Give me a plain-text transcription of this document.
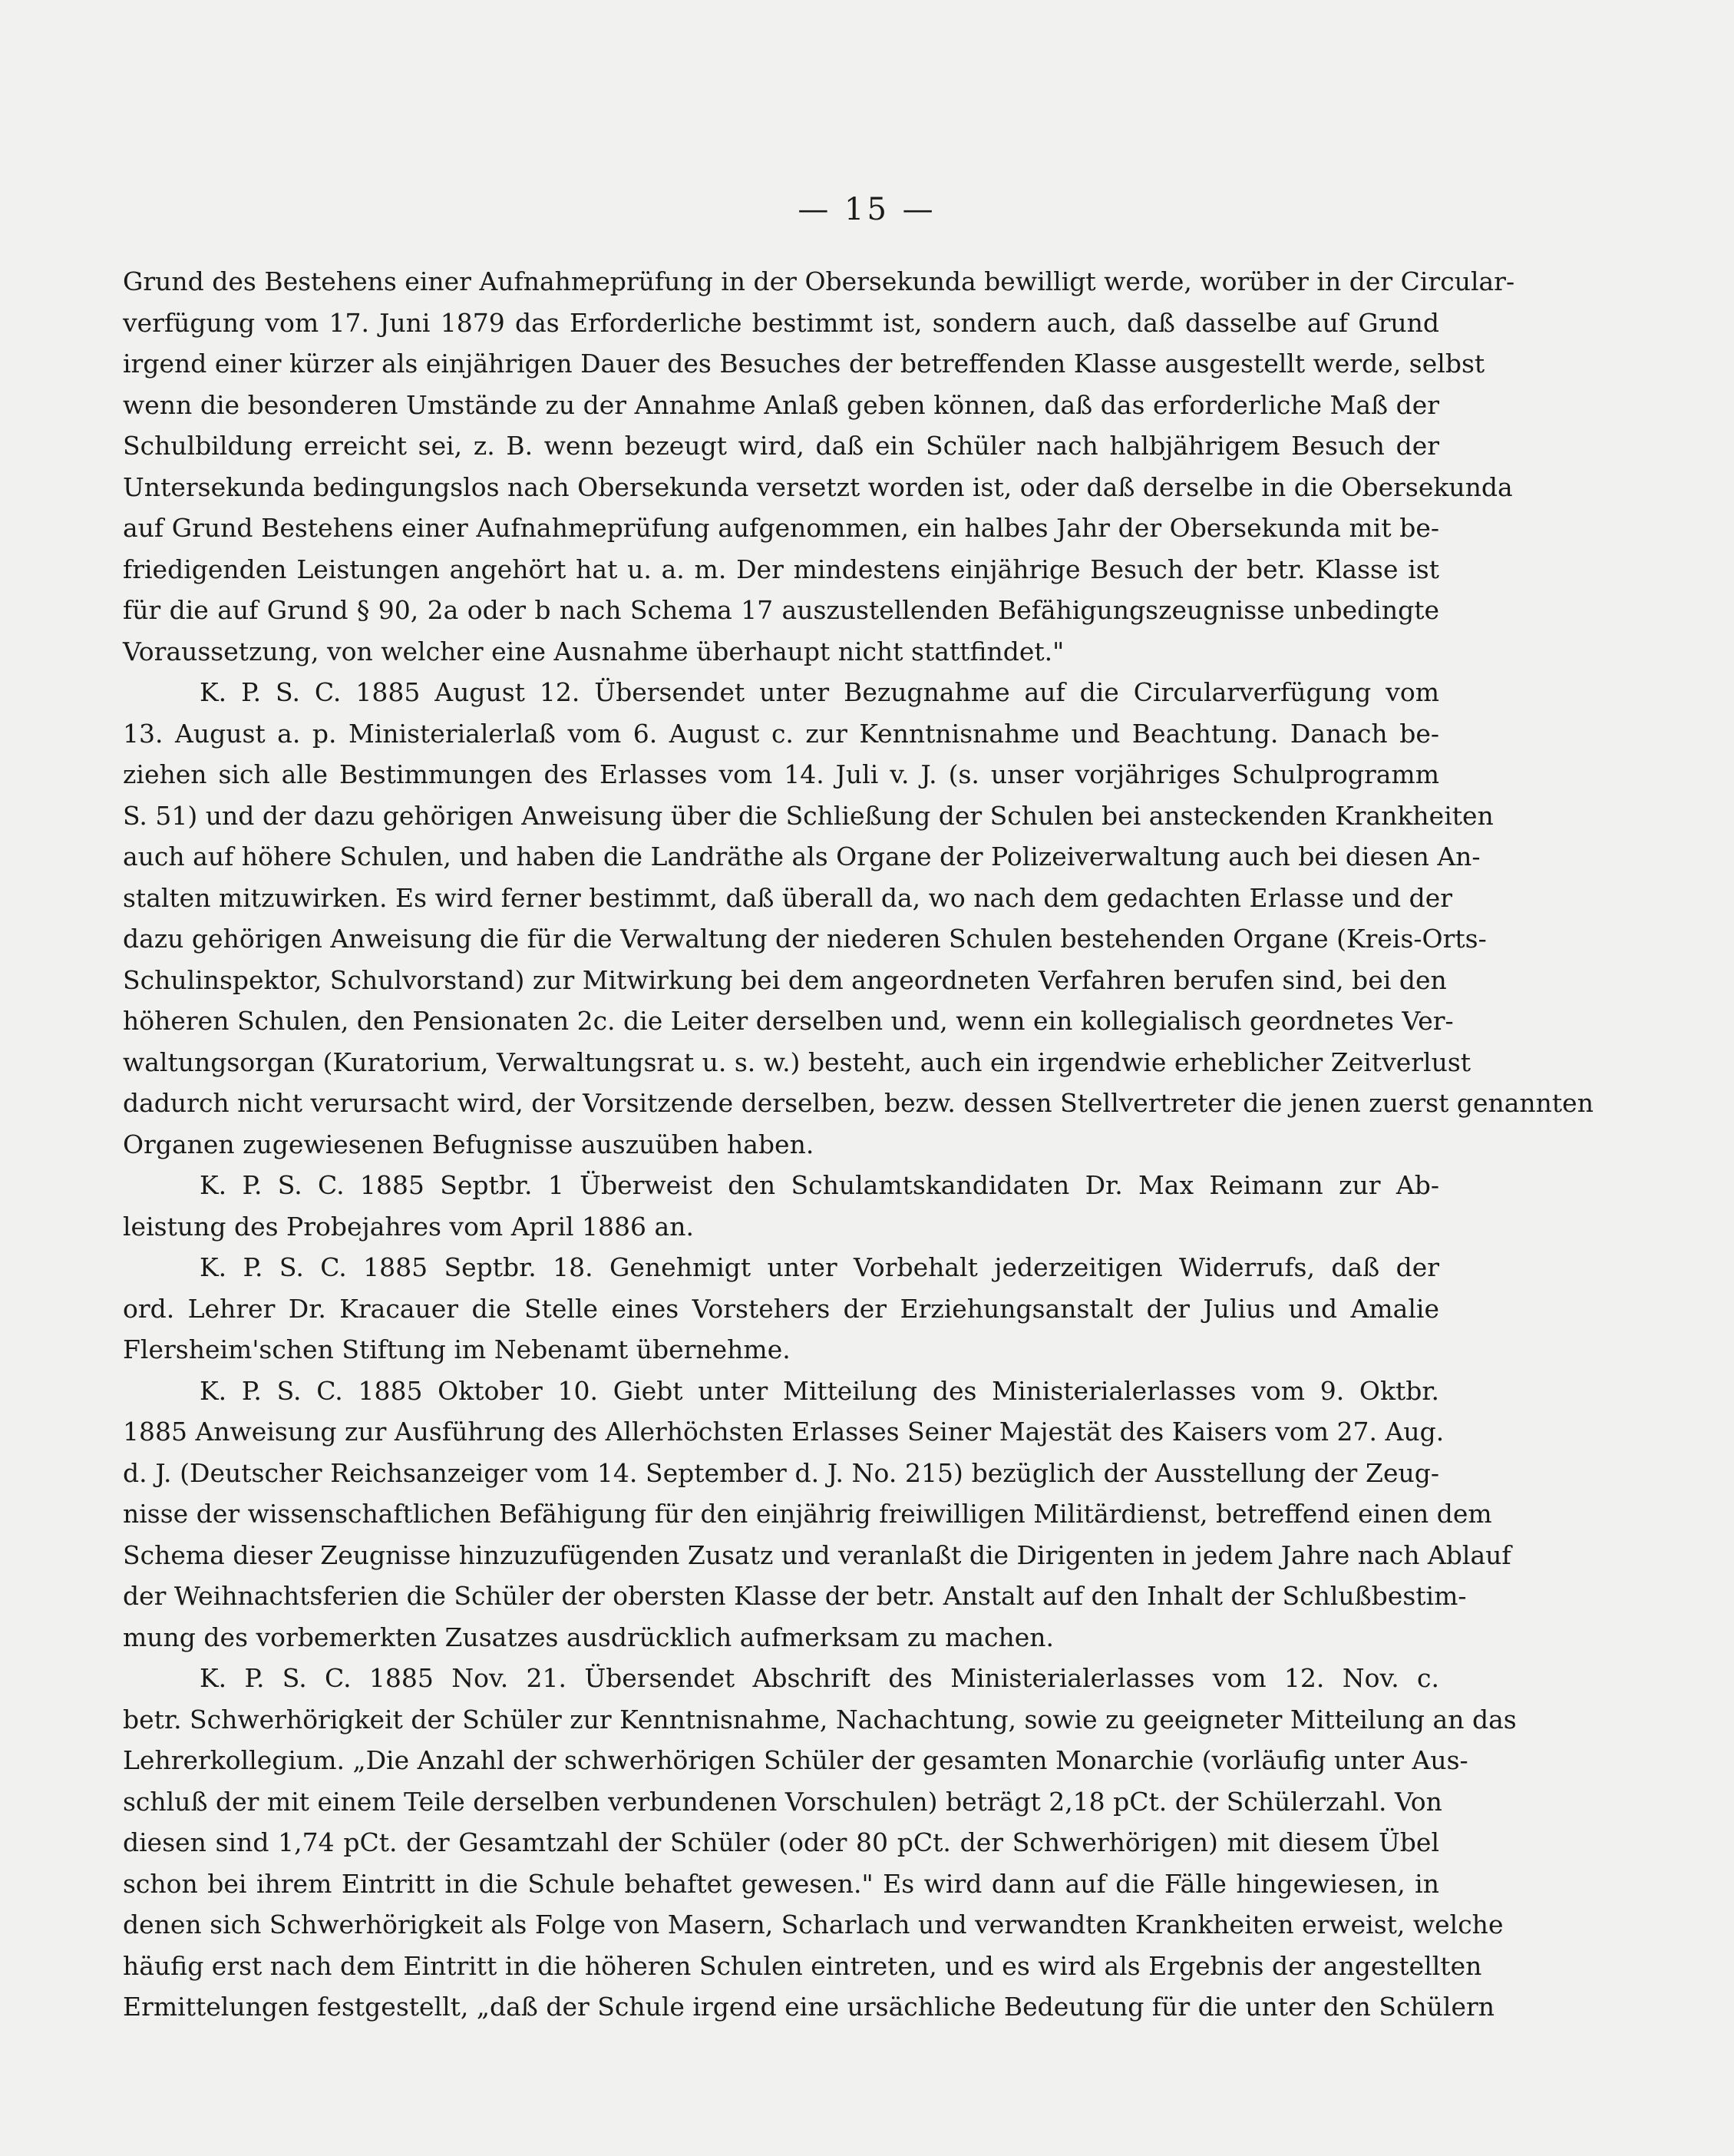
— 15 —
Grund des Bestehens einer Aufnahmeprüfung in der Obersekunda bewilligt werde, worüber in der Circular-
verfügung vom 17. Juni 1879 das Erforderliche bestimmt ist, sondern auch, daß dasselbe auf Grund
irgend einer kürzer als einjährigen Dauer des Besuches der betreffenden Klasse ausgestellt werde, selbst
wenn die besonderen Umstände zu der Annahme Anlaß geben können, daß das erforderliche Maß der
Schulbildung erreicht sei, z. B. wenn bezeugt wird, daß ein Schüler nach halbjährigem Besuch der
Untersekunda bedingungslos nach Obersekunda versetzt worden ist, oder daß derselbe in die Obersekunda
auf Grund Bestehens einer Aufnahmeprüfung aufgenommen, ein halbes Jahr der Obersekunda mit be-
friedigenden Leistungen angehört hat u. a. m. Der mindestens einjährige Besuch der betr. Klasse ist
für die auf Grund § 90, 2a oder b nach Schema 17 auszustellenden Befähigungszeugnisse unbedingte
Voraussetzung, von welcher eine Ausnahme überhaupt nicht stattfindet."
K. P. S. C. 1885 August 12. Übersendet unter Bezugnahme auf die Circularverfügung vom
13. August a. p. Ministerialerlaß vom 6. August c. zur Kenntnisnahme und Beachtung. Danach be-
ziehen sich alle Bestimmungen des Erlasses vom 14. Juli v. J. (s. unser vorjähriges Schulprogramm
S. 51) und der dazu gehörigen Anweisung über die Schließung der Schulen bei ansteckenden Krankheiten
auch auf höhere Schulen, und haben die Landräthe als Organe der Polizeiverwaltung auch bei diesen An-
stalten mitzuwirken. Es wird ferner bestimmt, daß überall da, wo nach dem gedachten Erlasse und der
dazu gehörigen Anweisung die für die Verwaltung der niederen Schulen bestehenden Organe (Kreis-Orts-
Schulinspektor, Schulvorstand) zur Mitwirkung bei dem angeordneten Verfahren berufen sind, bei den
höheren Schulen, den Pensionaten 2c. die Leiter derselben und, wenn ein kollegialisch geordnetes Ver-
waltungsorgan (Kuratorium, Verwaltungsrat u. s. w.) besteht, auch ein irgendwie erheblicher Zeitverlust
dadurch nicht verursacht wird, der Vorsitzende derselben, bezw. dessen Stellvertreter die jenen zuerst genannten
Organen zugewiesenen Befugnisse auszuüben haben.
K. P. S. C. 1885 Septbr. 1 Überweist den Schulamtskandidaten Dr. Max Reimann zur Ab-
leistung des Probejahres vom April 1886 an.
K. P. S. C. 1885 Septbr. 18. Genehmigt unter Vorbehalt jederzeitigen Widerrufs, daß der
ord. Lehrer Dr. Kracauer die Stelle eines Vorstehers der Erziehungsanstalt der Julius und Amalie
Flersheim'schen Stiftung im Nebenamt übernehme.
K. P. S. C. 1885 Oktober 10. Giebt unter Mitteilung des Ministerialerlasses vom 9. Oktbr.
1885 Anweisung zur Ausführung des Allerhöchsten Erlasses Seiner Majestät des Kaisers vom 27. Aug.
d. J. (Deutscher Reichsanzeiger vom 14. September d. J. No. 215) bezüglich der Ausstellung der Zeug-
nisse der wissenschaftlichen Befähigung für den einjährig freiwilligen Militärdienst, betreffend einen dem
Schema dieser Zeugnisse hinzuzufügenden Zusatz und veranlaßt die Dirigenten in jedem Jahre nach Ablauf
der Weihnachtsferien die Schüler der obersten Klasse der betr. Anstalt auf den Inhalt der Schlußbestim-
mung des vorbemerkten Zusatzes ausdrücklich aufmerksam zu machen.
K. P. S. C. 1885 Nov. 21. Übersendet Abschrift des Ministerialerlasses vom 12. Nov. c.
betr. Schwerhörigkeit der Schüler zur Kenntnisnahme, Nachachtung, sowie zu geeigneter Mitteilung an das
Lehrerkollegium. „Die Anzahl der schwerhörigen Schüler der gesamten Monarchie (vorläufig unter Aus-
schluß der mit einem Teile derselben verbundenen Vorschulen) beträgt 2,18 pCt. der Schülerzahl. Von
diesen sind 1,74 pCt. der Gesamtzahl der Schüler (oder 80 pCt. der Schwerhörigen) mit diesem Übel
schon bei ihrem Eintritt in die Schule behaftet gewesen." Es wird dann auf die Fälle hingewiesen, in
denen sich Schwerhörigkeit als Folge von Masern, Scharlach und verwandten Krankheiten erweist, welche
häufig erst nach dem Eintritt in die höheren Schulen eintreten, und es wird als Ergebnis der angestellten
Ermittelungen festgestellt, „daß der Schule irgend eine ursächliche Bedeutung für die unter den Schülern
